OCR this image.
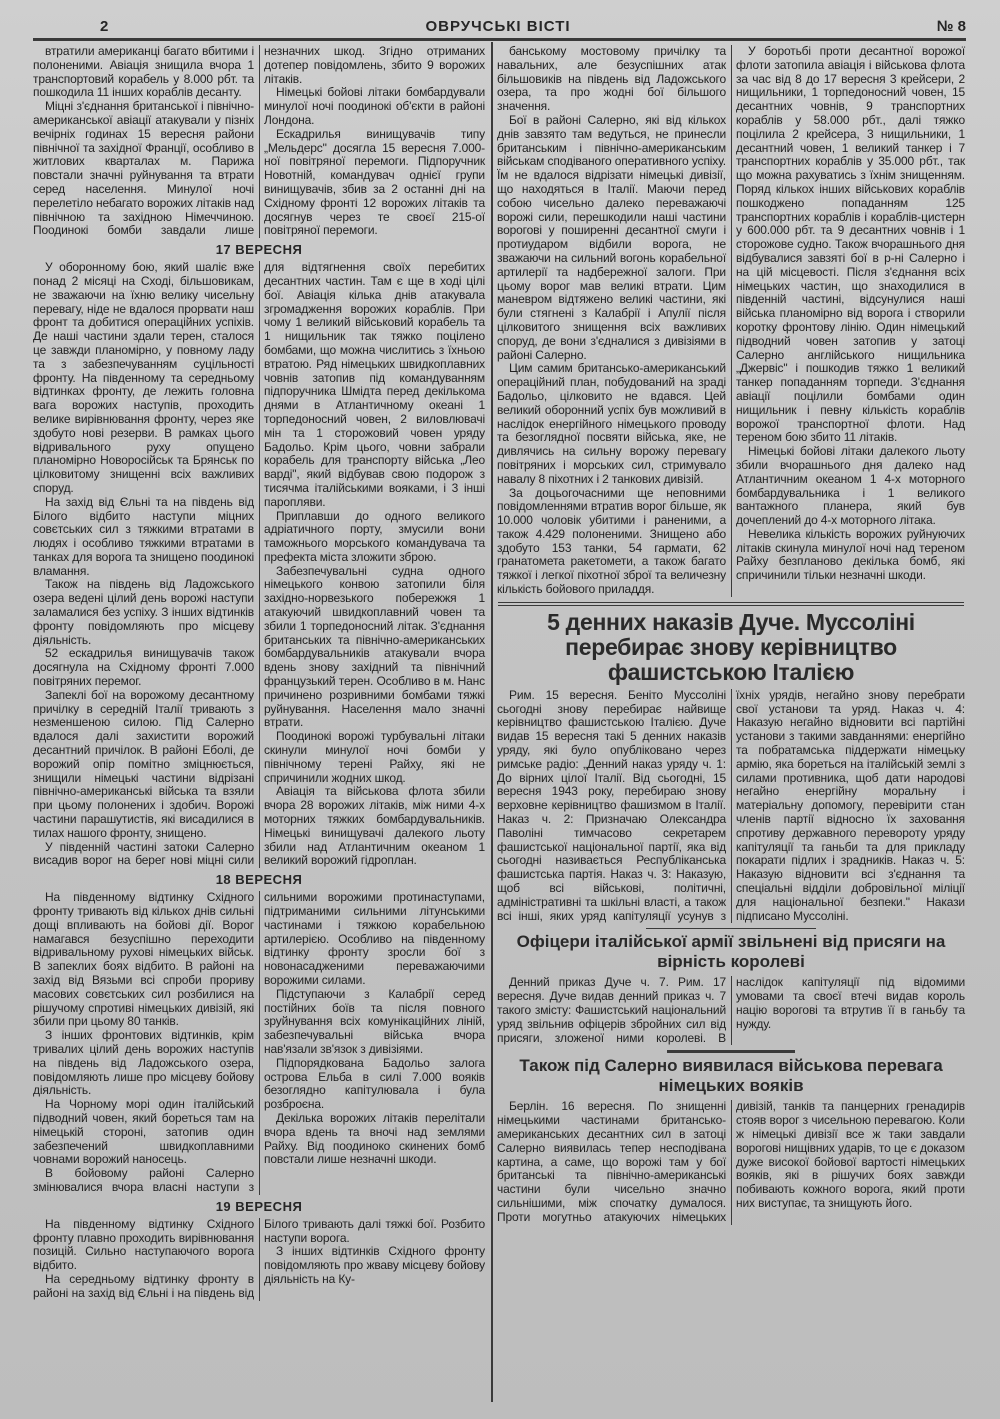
2	ОВРУЧСЬКІ ВІСТІ	№ 8

втратили американці багато вбитими і полоненими. Авіація знищила вчора 1 транспортовий корабель у 8.000 рбт. та пошкодила 11 інших кораблів десанту.

Міцні з'єднання британської і північно-американської авіації атакували у пізніх вечірніх годинах 15 вересня райони північної та західної Франції, особливо в житлових кварталах м. Парижа повстали значні руйнування та втрати серед населення. Минулої ночі перелетіло небагато ворожих літаків над північною та західною Німеччиною. Поодинокі бомби завдали лише незначних шкод. Згідно отриманих дотепер повідомлень, збито 9 ворожих літаків.

Німецькі бойові літаки бомбардували минулої ночі поодинокі об'єкти в районі Лондона.

Ескадрилья винищувачів типу „Мельдерс" досягла 15 вересня 7.000-ної повітряної перемоги. Підпоручник Новотній, командувач однієї групи винищувачів, збив за 2 останні дні на Східному фронті 12 ворожих літаків та досягнув через те своєї 215-ої повітряної перемоги.

17 ВЕРЕСНЯ

У оборонному бою, який шаліє вже понад 2 місяці на Сході, більшовикам, не зважаючи на їхню велику чисельну перевагу, ніде не вдалося прорвати наш фронт та добитися операційних успіхів. Де наші частини здали терен, сталося це завжди планомірно, у повному ладу та з забезпечуванням суцільності фронту. На південному та середньому відтинках фронту, де лежить головна вага ворожих наступів, проходить велике вирівнювання фронту, через яке здобуто нові резерви. В рамках цього відривального руху опущено планомірно Новоросійськ та Брянськ по цілковитому знищенні всіх важливих споруд.

На захід від Єльні та на південь від Білого відбито наступи міцних совєтських сил з тяжкими втратами в людях і особливо тяжкими втратами в танках для ворога та знищено поодинокі вламання.

Також на південь від Ладожського озера ведені цілий день ворожі наступи заламалися без успіху. З інших відтинків фронту повідомляють про місцеву діяльність.

52 ескадрилья винищувачів також досягнула на Східному фронті 7.000 повітряних перемог.

Запеклі бої на ворожому десантному причілку в середній Італії тривають з незменшеною силою. Під Салерно вдалося далі захистити ворожий десантний причілок. В районі Еболі, де ворожий опір помітно зміцнюється, знищили німецькі частини відрізані північно-американські війська та взяли при цьому полонених і здобич. Ворожі частини парашутистів, які висадилися в тилах нашого фронту, знищено.

У південній частині затоки Салерно висадив ворог на берег нові міцні сили для відтягнення своїх перебитих десантних частин. Там є ще в ході цілі бої. Авіація кілька днів атакувала згромадження ворожих кораблів. При чому 1 великий військовий корабель та 1 нищильник так тяжко поцілено бомбами, що можна числитись з їхньою втратою. Ряд німецьких швидкоплавних човнів затопив під командуванням підпоручника Шмідта перед декількома днями в Атлантичному океані 1 торпедоносний човен, 2 виловлювачі мін та 1 сторожовий човен уряду Бадольо. Крім цього, човни забрали корабель для транспорту війська „Лео варді", який відбував свою подорож з тисячма італійськими вояками, і 3 інші паропляви.

Приплавши до одного великого адріатичного порту, змусили вони таможнього морського командувача та префекта міста зложити зброю.

Забезпечувальні судна одного німецького конвою затопили біля західно-норвезького побережжя 1 атакуючий швидкоплавний човен та збили 1 торпедоносний літак. З'єднання британських та північно-американських бомбардувальників атакували вчора вдень знову західний та північний французький терен. Особливо в м. Нанс причинено розривними бомбами тяжкі руйнування. Населення мало значні втрати.

Поодинокі ворожі турбувальні літаки скинули минулої ночі бомби у північному терені Райху, які не спричинили жодних шкод.

Авіація та військова флота збили вчора 28 ворожих літаків, між ними 4-х моторних тяжких бомбардувальників. Німецькі винищувачі далекого льоту збили над Атлантичним океаном 1 великий ворожий гідроплан.

18 ВЕРЕСНЯ

На південному відтинку Східного фронту тривають від кількох днів сильні дощі впливають на бойові дії. Ворог намагався безуспішно переходити відривальному рухові німецьких військ. В запеклих боях відбито. В районі на захід від Вязьми всі спроби прориву масових совєтських сил розбилися на рішучому спротиві німецьких дивізій, які збили при цьому 80 танків.

З інших фронтових відтинків, крім тривалих цілий день ворожих наступів на південь від Ладожського озера, повідомляють лише про місцеву бойову діяльність.

На Чорному морі один італійський підводний човен, який бореться там на німецькій стороні, затопив один забезпечений швидкоплавними човнами ворожий наносець.

В бойовому районі Салерно змінювалися вчора власні наступи з сильними ворожими протинаступами, підтриманими сильними літунськими частинами і тяжкою корабельною артилерією. Особливо на південному відтинку фронту зросли бої з новонасадженими переважаючими ворожими силами.

Підступаючи з Калабрії серед постійних боїв та після повного зруйнування всіх комунікаційних ліній, забезпечувальні війська вчора нав'язали зв'язок з дивізіями.

Підпорядкована Бадольо залога острова Ельба в силі 7.000 вояків безоглядно капітулювала і була розброєна.

Декілька ворожих літаків перелітали вчора вдень та вночі над землями Райху. Від поодиноко скинених бомб повстали лише незначні шкоди.

19 ВЕРЕСНЯ

На південному відтинку Східного фронту плавно проходить вирівнювання позицій. Сильно наступаючого ворога відбито.

На середньому відтинку фронту в районі на захід від Єльні і на південь від Білого тривають далі тяжкі бої. Розбито наступи ворога.

З інших відтинків Східного фронту повідомляють про жваву місцеву бойову діяльність на Ку-

банському мостовому причілку та навальних, але безуспішних атак більшовиків на південь від Ладожського озера, та про жодні бої більшого значення.

Бої в районі Салерно, які від кількох днів завзято там ведуться, не принесли британським і північно-американським військам сподіваного оперативного успіху. Їм не вдалося відрізати німецькі дивізії, що находяться в Італії. Маючи перед собою чисельно далеко переважаючі ворожі сили, перешкодили наші частини ворогові у поширенні десантної смуги і протиударом відбили ворога, не зважаючи на сильний вогонь корабельної артилерії та надбережної залоги. При цьому ворог мав великі втрати. Цим маневром відтяжено великі частини, які були стягнені з Калабрії і Апулії після цілковитого знищення всіх важливих споруд, де вони з'єдналися з дивізіями в районі Салерно.

Цим самим британсько-американський операційний план, побудований на зраді Бадольо, цілковито не вдався. Цей великий оборонний успіх був можливий в наслідок енергійного німецького проводу та безоглядної посвяти війська, яке, не дивлячись на сильну ворожу перевагу повітряних і морських сил, стримувало навалу 8 піхотних і 2 танкових дивізій.

За доцьогочасними ще неповними повідомленнями втратив ворог більше, як 10.000 чоловік убитими і раненими, а також 4.429 полоненими. Знищено або здобуто 153 танки, 54 гармати, 62 гранатомета ракетомети, а також багато тяжкої і легкої піхотної зброї та величезну кількість бойового приладдя.

У боротьбі проти десантної ворожої флоти затопила авіація і військова флота за час від 8 до 17 вересня 3 крейсери, 2 нищильники, 1 торпедоносний човен, 15 десантних човнів, 9 транспортних кораблів у 58.000 рбт., далі тяжко поцілила 2 крейсера, 3 нищильники, 1 десантний човен, 1 великий танкер і 7 транспортних кораблів у 35.000 рбт., так що можна рахуватись з їхнім знищенням. Поряд кількох інших військових кораблів пошкоджено попаданням 125 транспортних кораблів і кораблів-цистерн у 600.000 рбт. та 9 десантних човнів і 1 сторожове судно. Також вчорашнього дня відбувалися завзяті бої в р-ні Салерно і на цій місцевості. Після з'єднання всіх німецьких частин, що знаходилися в південній частині, відсунулися наші війська планомірно від ворога і створили коротку фронтову лінію. Один німецький підводний човен затопив у затоці Салерно англійського нищильника „Джервіс" і пошкодив тяжко 1 великий танкер попаданням торпеди. З'єднання авіації поцілили бомбами один нищильник і певну кількість кораблів ворожої транспортної флоти. Над тереном бою збито 11 літаків.

Німецькі бойові літаки далекого льоту збили вчорашнього дня далеко над Атлантичним океаном 1 4-х моторного бомбардувальника і 1 великого вантажного планера, який був дочеплений до 4-х моторного літака.

Невелика кількість ворожих руйнуючих літаків скинула минулої ночі над тереном Райху безпланово декілька бомб, які спричинили тільки незначні шкоди.

5 денних наказів Дуче. Муссоліні перебирає знову керівництво фашистською Італією

Рим. 15 вересня. Беніто Муссоліні сьогодні знову перебирає найвище керівництво фашистською Італією. Дуче видав 15 вересня такі 5 денних наказів уряду, які було опубліковано через римське радіо: „Денний наказ уряду ч. 1: До вірних цілої Італії. Від сьогодні, 15 вересня 1943 року, перебираю знову верховне керівництво фашизмом в Італії. Наказ ч. 2: Призначаю Олександра Паволіні тимчасово секретарем фашистської національної партії, яка від сьогодні називається Республіканська фашистська партія. Наказ ч. 3: Наказую, щоб всі військові, політичні, адміністративні та шкільні власті, а також всі інші, яких уряд капітуляції усунув з їхніх урядів, негайно знову перебрати свої установи та уряд. Наказ ч. 4: Наказую негайно відновити всі партійні установи з такими завданнями: енергійно та побратамська піддержати німецьку армію, яка бореться на італійській землі з силами противника, щоб дати народові негайно енергійну моральну і матеріальну допомогу, перевірити стан членів партії відносно їх заховання спротиву державного перевороту уряду капітуляції та ганьби та для прикладу покарати підлих і зрадників. Наказ ч. 5: Наказую відновити всі з'єднання та спеціальні відділи добровільної міліції для національної безпеки." Накази підписано Муссоліні.

Офіцери італійської армії звільнені від присяги на вірність королеві

Денний приказ Дуче ч. 7. Рим. 17 вересня. Дуче видав денний приказ ч. 7 такого змісту: Фашистський національний уряд звільнив офіцерів збройних сил від присяги, зложеної ними королеві. В наслідок капітуляції під відомими умовами та своєї втечі видав король націю ворогові та втрутив її в ганьбу та нужду.

Також під Салерно виявилася військова перевага німецьких вояків

Берлін. 16 вересня. По знищенні німецькими частинами британсько-американських десантних сил в затоці Салерно виявилась тепер несподівана картина, а саме, що ворожі там у бої британські та північно-американські частини були чисельно значно сильнішими, між спочатку думалося. Проти могутньо атакуючих німецьких дивізій, танків та панцерних гренадирів стояв ворог з чисельною перевагою. Коли ж німецькі дивізії все ж таки завдали ворогові нищівних ударів, то це є доказом дуже високої бойової вартості німецьких вояків, які в рішучих боях завжди побивають кожного ворога, який проти них виступає, та знищують його.
